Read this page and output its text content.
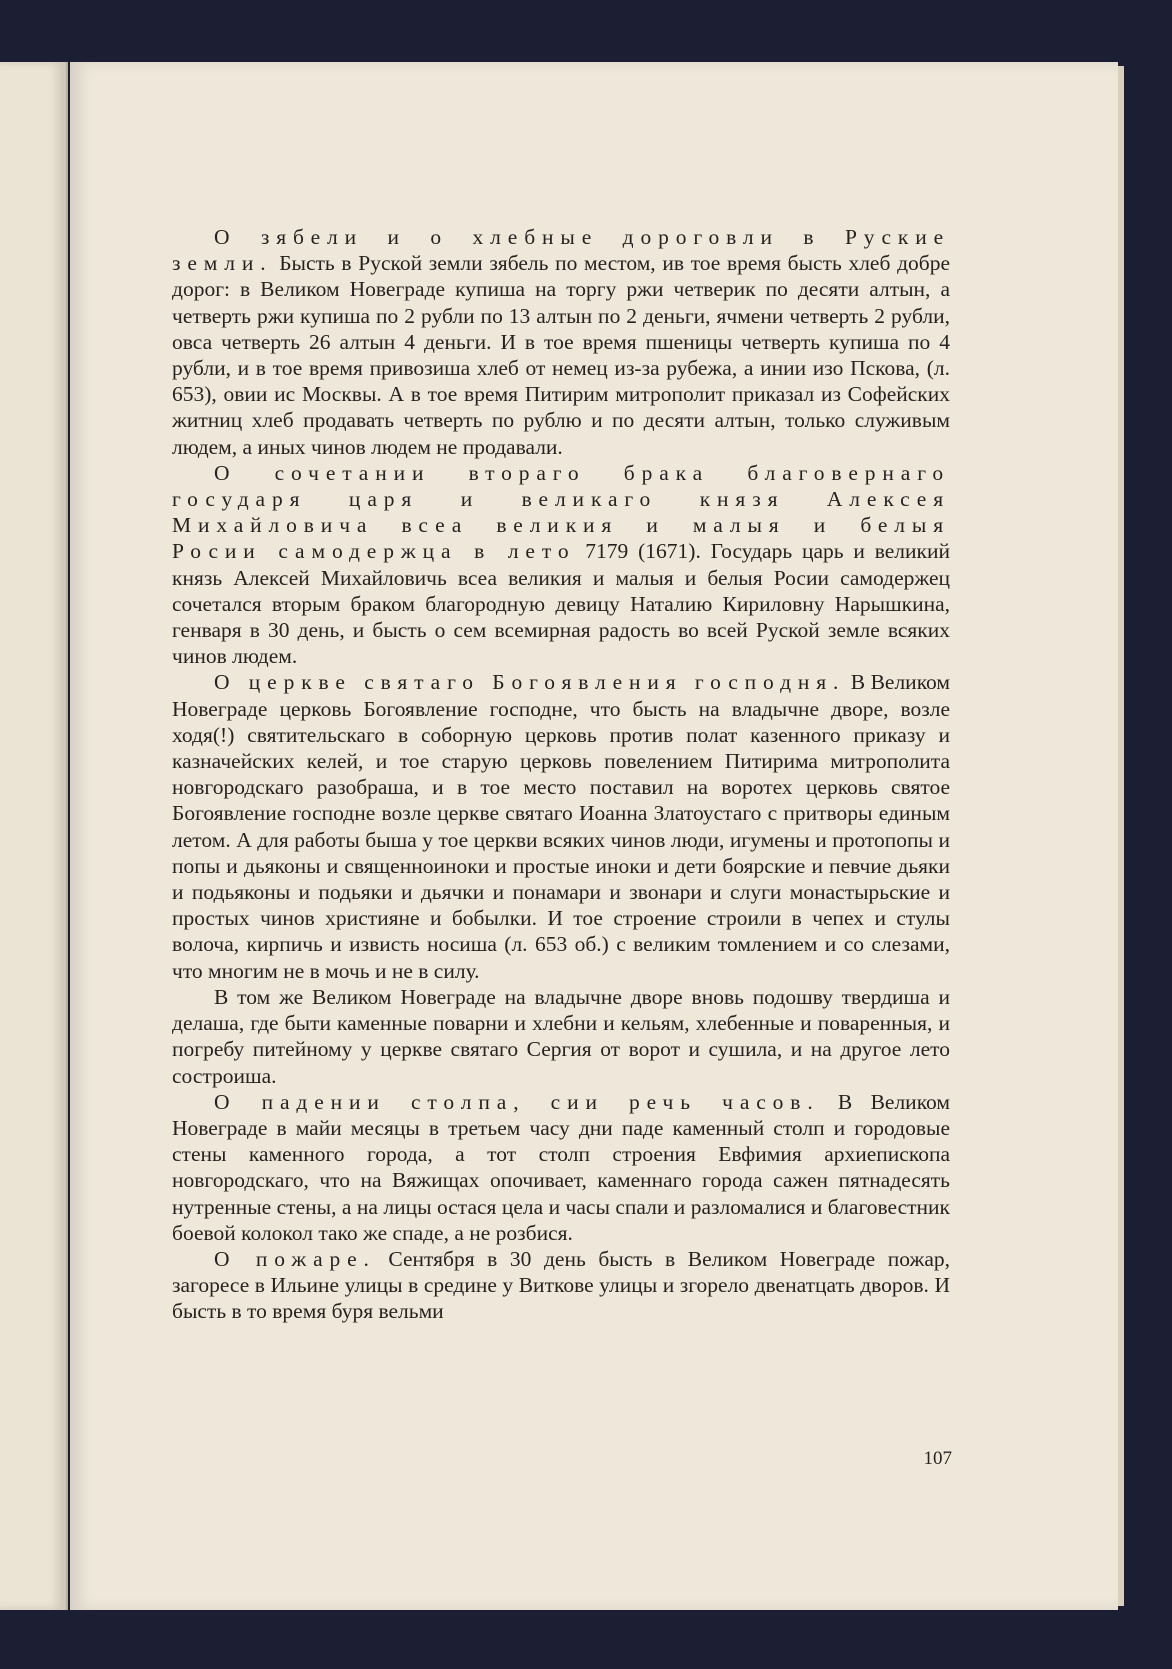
О зябели и о хлебные дороговли в Руские земли. Бысть в Руской земли зябель по местом, ив тое время бысть хлеб добре дорог: в Великом Новеграде купиша на торгу ржи четверик по десяти алтын, а четверть ржи купиша по 2 рубли по 13 алтын по 2 деньги, ячмени четверть 2 рубли, овса четверть 26 алтын 4 деньги. И в тое время пшеницы четверть купиша по 4 рубли, и в тое время привозиша хлеб от немец из-за рубежа, а инии изо Пскова, (л. 653), овии ис Москвы. А в тое время Питирим митрополит приказал из Софейских житниц хлеб продавать четверть по рублю и по десяти алтын, только служивым людем, а иных чинов людем не продавали.

О сочетании втораго брака благовернаго государя царя и великаго князя Алексея Михайловича всеа великия и малыя и белыя Росии самодержца в лето 7179 (1671). Государь царь и великий князь Алексей Михайловичь всеа великия и малыя и белыя Росии самодержец сочетался вторым браком благородную девицу Наталию Кириловну Нарышкина, генваря в 30 день, и бысть о сем всемирная радость во всей Руской земле всяких чинов людем.

О церкве святаго Богоявления господня. В Великом Новеграде церковь Богоявление господне, что бысть на владычне дворе, возле ходя(!) святительскаго в соборную церковь против полат казенного приказу и казначейских келей, и тое старую церковь повелением Питирима митрополита новгородскаго разобраша, и в тое место поставил на воротех церковь святое Богоявление господне возле церкве святаго Иоанна Златоустаго с притворы единым летом. А для работы быша у тое церкви всяких чинов люди, игумены и протопопы и попы и дьяконы и священноиноки и простые иноки и дети боярские и певчие дьяки и подьяконы и подьяки и дьячки и понамари и звонари и слуги монастырьские и простых чинов християне и бобылки. И тое строение строили в чепех и стулы волоча, кирпичь и извисть носиша (л. 653 об.) с великим томлением и со слезами, что многим не в мочь и не в силу.

В том же Великом Новеграде на владычне дворе вновь подошву твердиша и делаша, где быти каменные поварни и хлебни и кельям, хлебенные и поваренныя, и погребу питейному у церкве святаго Сергия от ворот и сушила, и на другое лето состроиша.

О падении столпа, сии речь часов. В Великом Новеграде в майи месяцы в третьем часу дни паде каменный столп и городовые стены каменного города, а тот столп строения Евфимия архиепископа новгородскаго, что на Вяжищах опочивает, каменнаго города сажен пятнадесять нутренные стены, а на лицы остася цела и часы спали и разломалися и благовестник боевой колокол тако же спаде, а не розбися.

О пожаре. Сентября в 30 день бысть в Великом Новеграде пожар, загоресе в Ильине улицы в средине у Виткове улицы и згорело двенатцать дворов. И бысть в то время буря вельми

107
